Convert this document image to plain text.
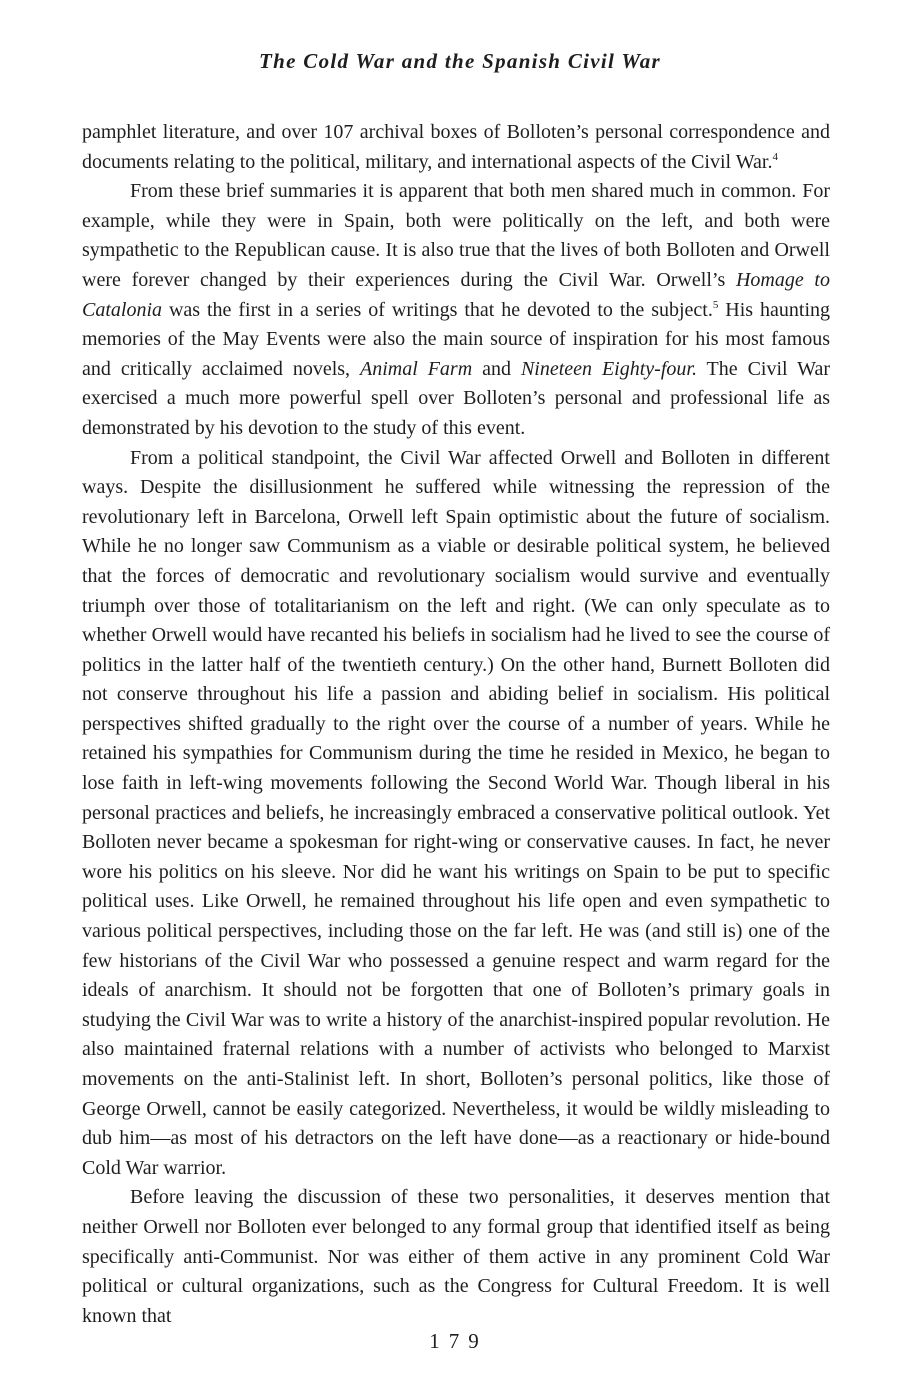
The Cold War and the Spanish Civil War

pamphlet literature, and over 107 archival boxes of Bolloten’s personal correspondence and documents relating to the political, military, and international aspects of the Civil War.$^4$

From these brief summaries it is apparent that both men shared much in common. For example, while they were in Spain, both were politically on the left, and both were sympathetic to the Republican cause. It is also true that the lives of both Bolloten and Orwell were forever changed by their experiences during the Civil War. Orwell’s Homage to Catalonia was the first in a series of writings that he devoted to the subject.$^5$ His haunting memories of the May Events were also the main source of inspiration for his most famous and critically acclaimed novels, Animal Farm and Nineteen Eighty-four. The Civil War exercised a much more powerful spell over Bolloten’s personal and professional life as demonstrated by his devotion to the study of this event.

From a political standpoint, the Civil War affected Orwell and Bolloten in different ways. Despite the disillusionment he suffered while witnessing the repression of the revolutionary left in Barcelona, Orwell left Spain optimistic about the future of socialism. While he no longer saw Communism as a viable or desirable political system, he believed that the forces of democratic and revolutionary socialism would survive and eventually triumph over those of totalitarianism on the left and right. (We can only speculate as to whether Orwell would have recanted his beliefs in socialism had he lived to see the course of politics in the latter half of the twentieth century.) On the other hand, Burnett Bolloten did not conserve throughout his life a passion and abiding belief in socialism. His political perspectives shifted gradually to the right over the course of a number of years. While he retained his sympathies for Communism during the time he resided in Mexico, he began to lose faith in left-wing movements following the Second World War. Though liberal in his personal practices and beliefs, he increasingly embraced a conservative political outlook. Yet Bolloten never became a spokesman for right-wing or conservative causes. In fact, he never wore his politics on his sleeve. Nor did he want his writings on Spain to be put to specific political uses. Like Orwell, he remained throughout his life open and even sympathetic to various political perspectives, including those on the far left. He was (and still is) one of the few historians of the Civil War who possessed a genuine respect and warm regard for the ideals of anarchism. It should not be forgotten that one of Bolloten’s primary goals in studying the Civil War was to write a history of the anarchist-inspired popular revolution. He also maintained fraternal relations with a number of activists who belonged to Marxist movements on the anti-Stalinist left. In short, Bolloten’s personal politics, like those of George Orwell, cannot be easily categorized. Nevertheless, it would be wildly misleading to dub him—as most of his detractors on the left have done—as a reactionary or hide-bound Cold War warrior.

Before leaving the discussion of these two personalities, it deserves mention that neither Orwell nor Bolloten ever belonged to any formal group that identified itself as being specifically anti-Communist. Nor was either of them active in any prominent Cold War political or cultural organizations, such as the Congress for Cultural Freedom. It is well known that

179
